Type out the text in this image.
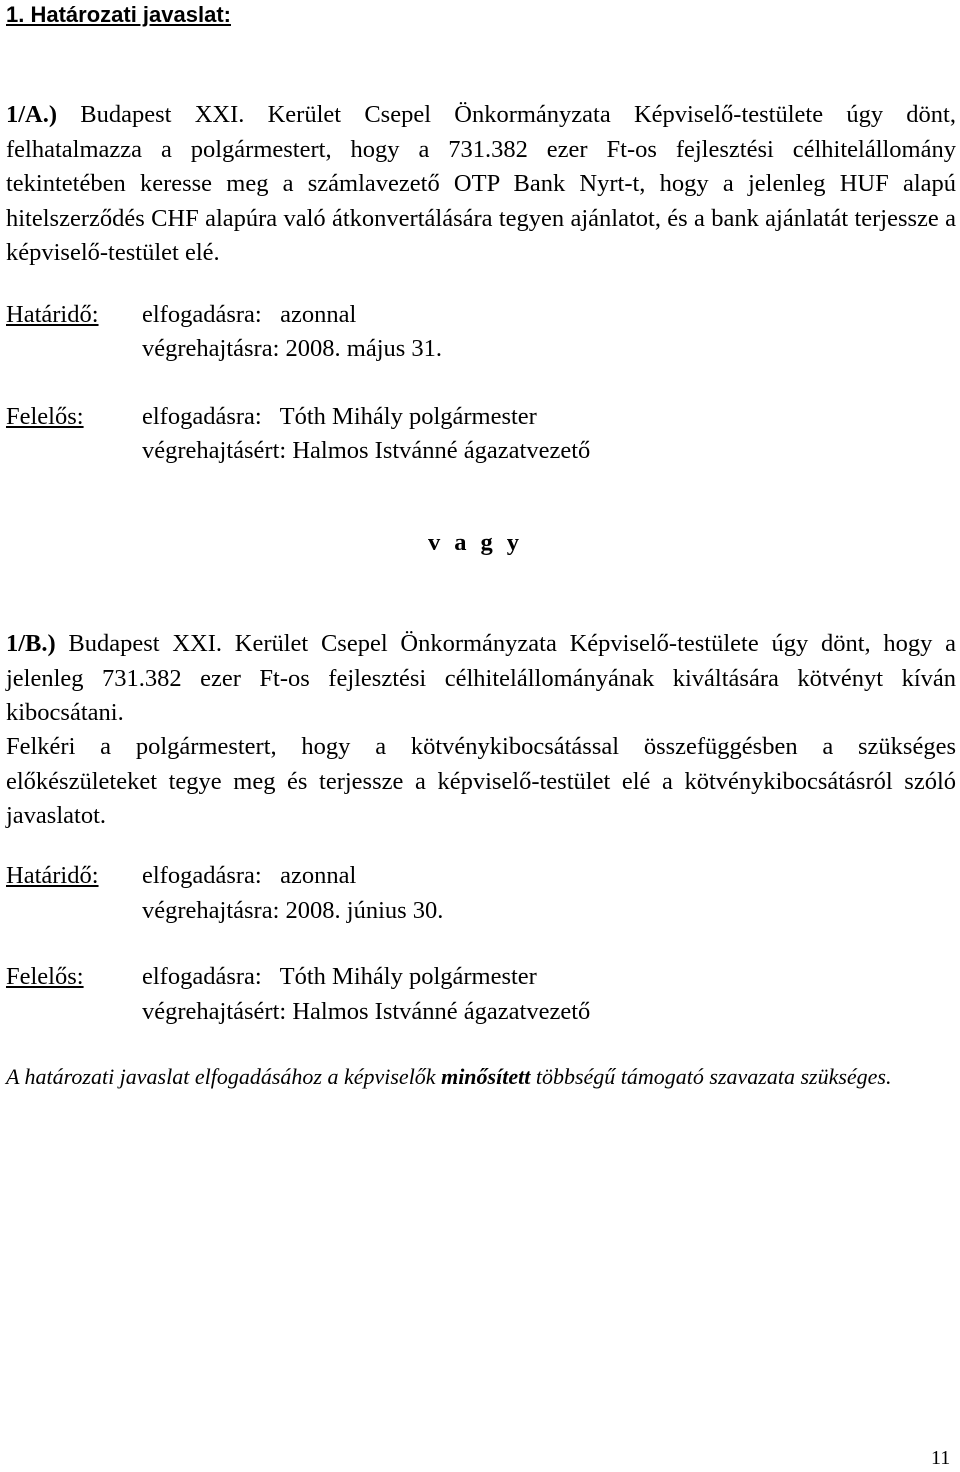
1. Határozati javaslat:
1/A.) Budapest XXI. Kerület Csepel Önkormányzata Képviselő-testülete úgy dönt, felhatalmazza a polgármestert, hogy a 731.382 ezer Ft-os fejlesztési célhitelállomány tekintetében keresse meg a számlavezető OTP Bank Nyrt-t, hogy a jelenleg HUF alapú hitelszerződés CHF alapúra való átkonvertálására tegyen ajánlatot, és a bank ajánlatát terjessze a képviselő-testület elé.
Határidő: elfogadásra:   azonnal
végrehajtásra: 2008. május 31.
Felelős: elfogadásra:   Tóth Mihály polgármester
végrehajtásért: Halmos Istvánné ágazatvezető
vagy
1/B.) Budapest XXI. Kerület Csepel Önkormányzata Képviselő-testülete úgy dönt, hogy a jelenleg 731.382 ezer Ft-os fejlesztési célhitelállományának kiváltására kötvényt kíván kibocsátani.
Felkéri a polgármestert, hogy a kötvénykibocsátással összefüggésben a szükséges előkészületeket tegye meg és terjessze a képviselő-testület elé a kötvénykibocsátásról szóló javaslatot.
Határidő: elfogadásra:   azonnal
végrehajtásra: 2008. június 30.
Felelős: elfogadásra:   Tóth Mihály polgármester
végrehajtásért: Halmos Istvánné ágazatvezető
A határozati javaslat elfogadásához a képviselők minősített többségű támogató szavazata szükséges.
11
